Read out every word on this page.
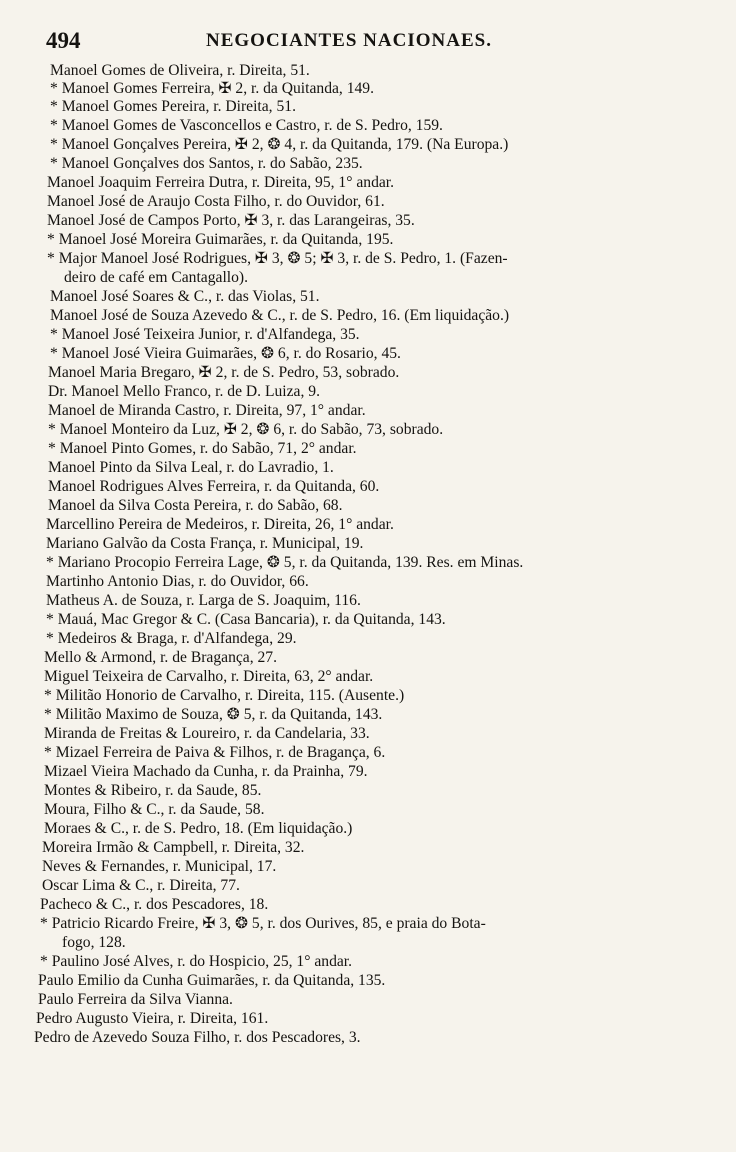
494	NEGOCIANTES NACIONAES.
Manoel Gomes de Oliveira, r. Direita, 51.
* Manoel Gomes Ferreira, ✠ 2, r. da Quitanda, 149.
* Manoel Gomes Pereira, r. Direita, 51.
* Manoel Gomes de Vasconcellos e Castro, r. de S. Pedro, 159.
* Manoel Gonçalves Pereira, ✠ 2, ❂ 4, r. da Quitanda, 179. (Na Europa.)
* Manoel Gonçalves dos Santos, r. do Sabão, 235.
Manoel Joaquim Ferreira Dutra, r. Direita, 95, 1° andar.
Manoel José de Araujo Costa Filho, r. do Ouvidor, 61.
Manoel José de Campos Porto, ✠ 3, r. das Larangeiras, 35.
* Manoel José Moreira Guimarães, r. da Quitanda, 195.
* Major Manoel José Rodrigues, ✠ 3, ❂ 5; ✠ 3, r. de S. Pedro, 1. (Fazen-
deiro de café em Cantagallo).
Manoel José Soares & C., r. das Violas, 51.
Manoel José de Souza Azevedo & C., r. de S. Pedro, 16. (Em liquidação.)
* Manoel José Teixeira Junior, r. d'Alfandega, 35.
* Manoel José Vieira Guimarães, ❂ 6, r. do Rosario, 45.
Manoel Maria Bregaro, ✠ 2, r. de S. Pedro, 53, sobrado.
Dr. Manoel Mello Franco, r. de D. Luiza, 9.
Manoel de Miranda Castro, r. Direita, 97, 1° andar.
* Manoel Monteiro da Luz, ✠ 2, ❂ 6, r. do Sabão, 73, sobrado.
* Manoel Pinto Gomes, r. do Sabão, 71, 2° andar.
Manoel Pinto da Silva Leal, r. do Lavradio, 1.
Manoel Rodrigues Alves Ferreira, r. da Quitanda, 60.
Manoel da Silva Costa Pereira, r. do Sabão, 68.
Marcellino Pereira de Medeiros, r. Direita, 26, 1° andar.
Mariano Galvão da Costa França, r. Municipal, 19.
* Mariano Procopio Ferreira Lage, ❂ 5, r. da Quitanda, 139. Res. em Minas.
Martinho Antonio Dias, r. do Ouvidor, 66.
Matheus A. de Souza, r. Larga de S. Joaquim, 116.
* Mauá, Mac Gregor & C. (Casa Bancaria), r. da Quitanda, 143.
* Medeiros & Braga, r. d'Alfandega, 29.
Mello & Armond, r. de Bragança, 27.
Miguel Teixeira de Carvalho, r. Direita, 63, 2° andar.
* Militão Honorio de Carvalho, r. Direita, 115. (Ausente.)
* Militão Maximo de Souza, ❂ 5, r. da Quitanda, 143.
Miranda de Freitas & Loureiro, r. da Candelaria, 33.
* Mizael Ferreira de Paiva & Filhos, r. de Bragança, 6.
Mizael Vieira Machado da Cunha, r. da Prainha, 79.
Montes & Ribeiro, r. da Saude, 85.
Moura, Filho & C., r. da Saude, 58.
Moraes & C., r. de S. Pedro, 18. (Em liquidação.)
Moreira Irmão & Campbell, r. Direita, 32.
Neves & Fernandes, r. Municipal, 17.
Oscar Lima & C., r. Direita, 77.
Pacheco & C., r. dos Pescadores, 18.
* Patricio Ricardo Freire, ✠ 3, ❂ 5, r. dos Ourives, 85, e praia do Bota-
fogo, 128.
* Paulino José Alves, r. do Hospicio, 25, 1° andar.
Paulo Emilio da Cunha Guimarães, r. da Quitanda, 135.
Paulo Ferreira da Silva Vianna.
Pedro Augusto Vieira, r. Direita, 161.
Pedro de Azevedo Souza Filho, r. dos Pescadores, 3.
